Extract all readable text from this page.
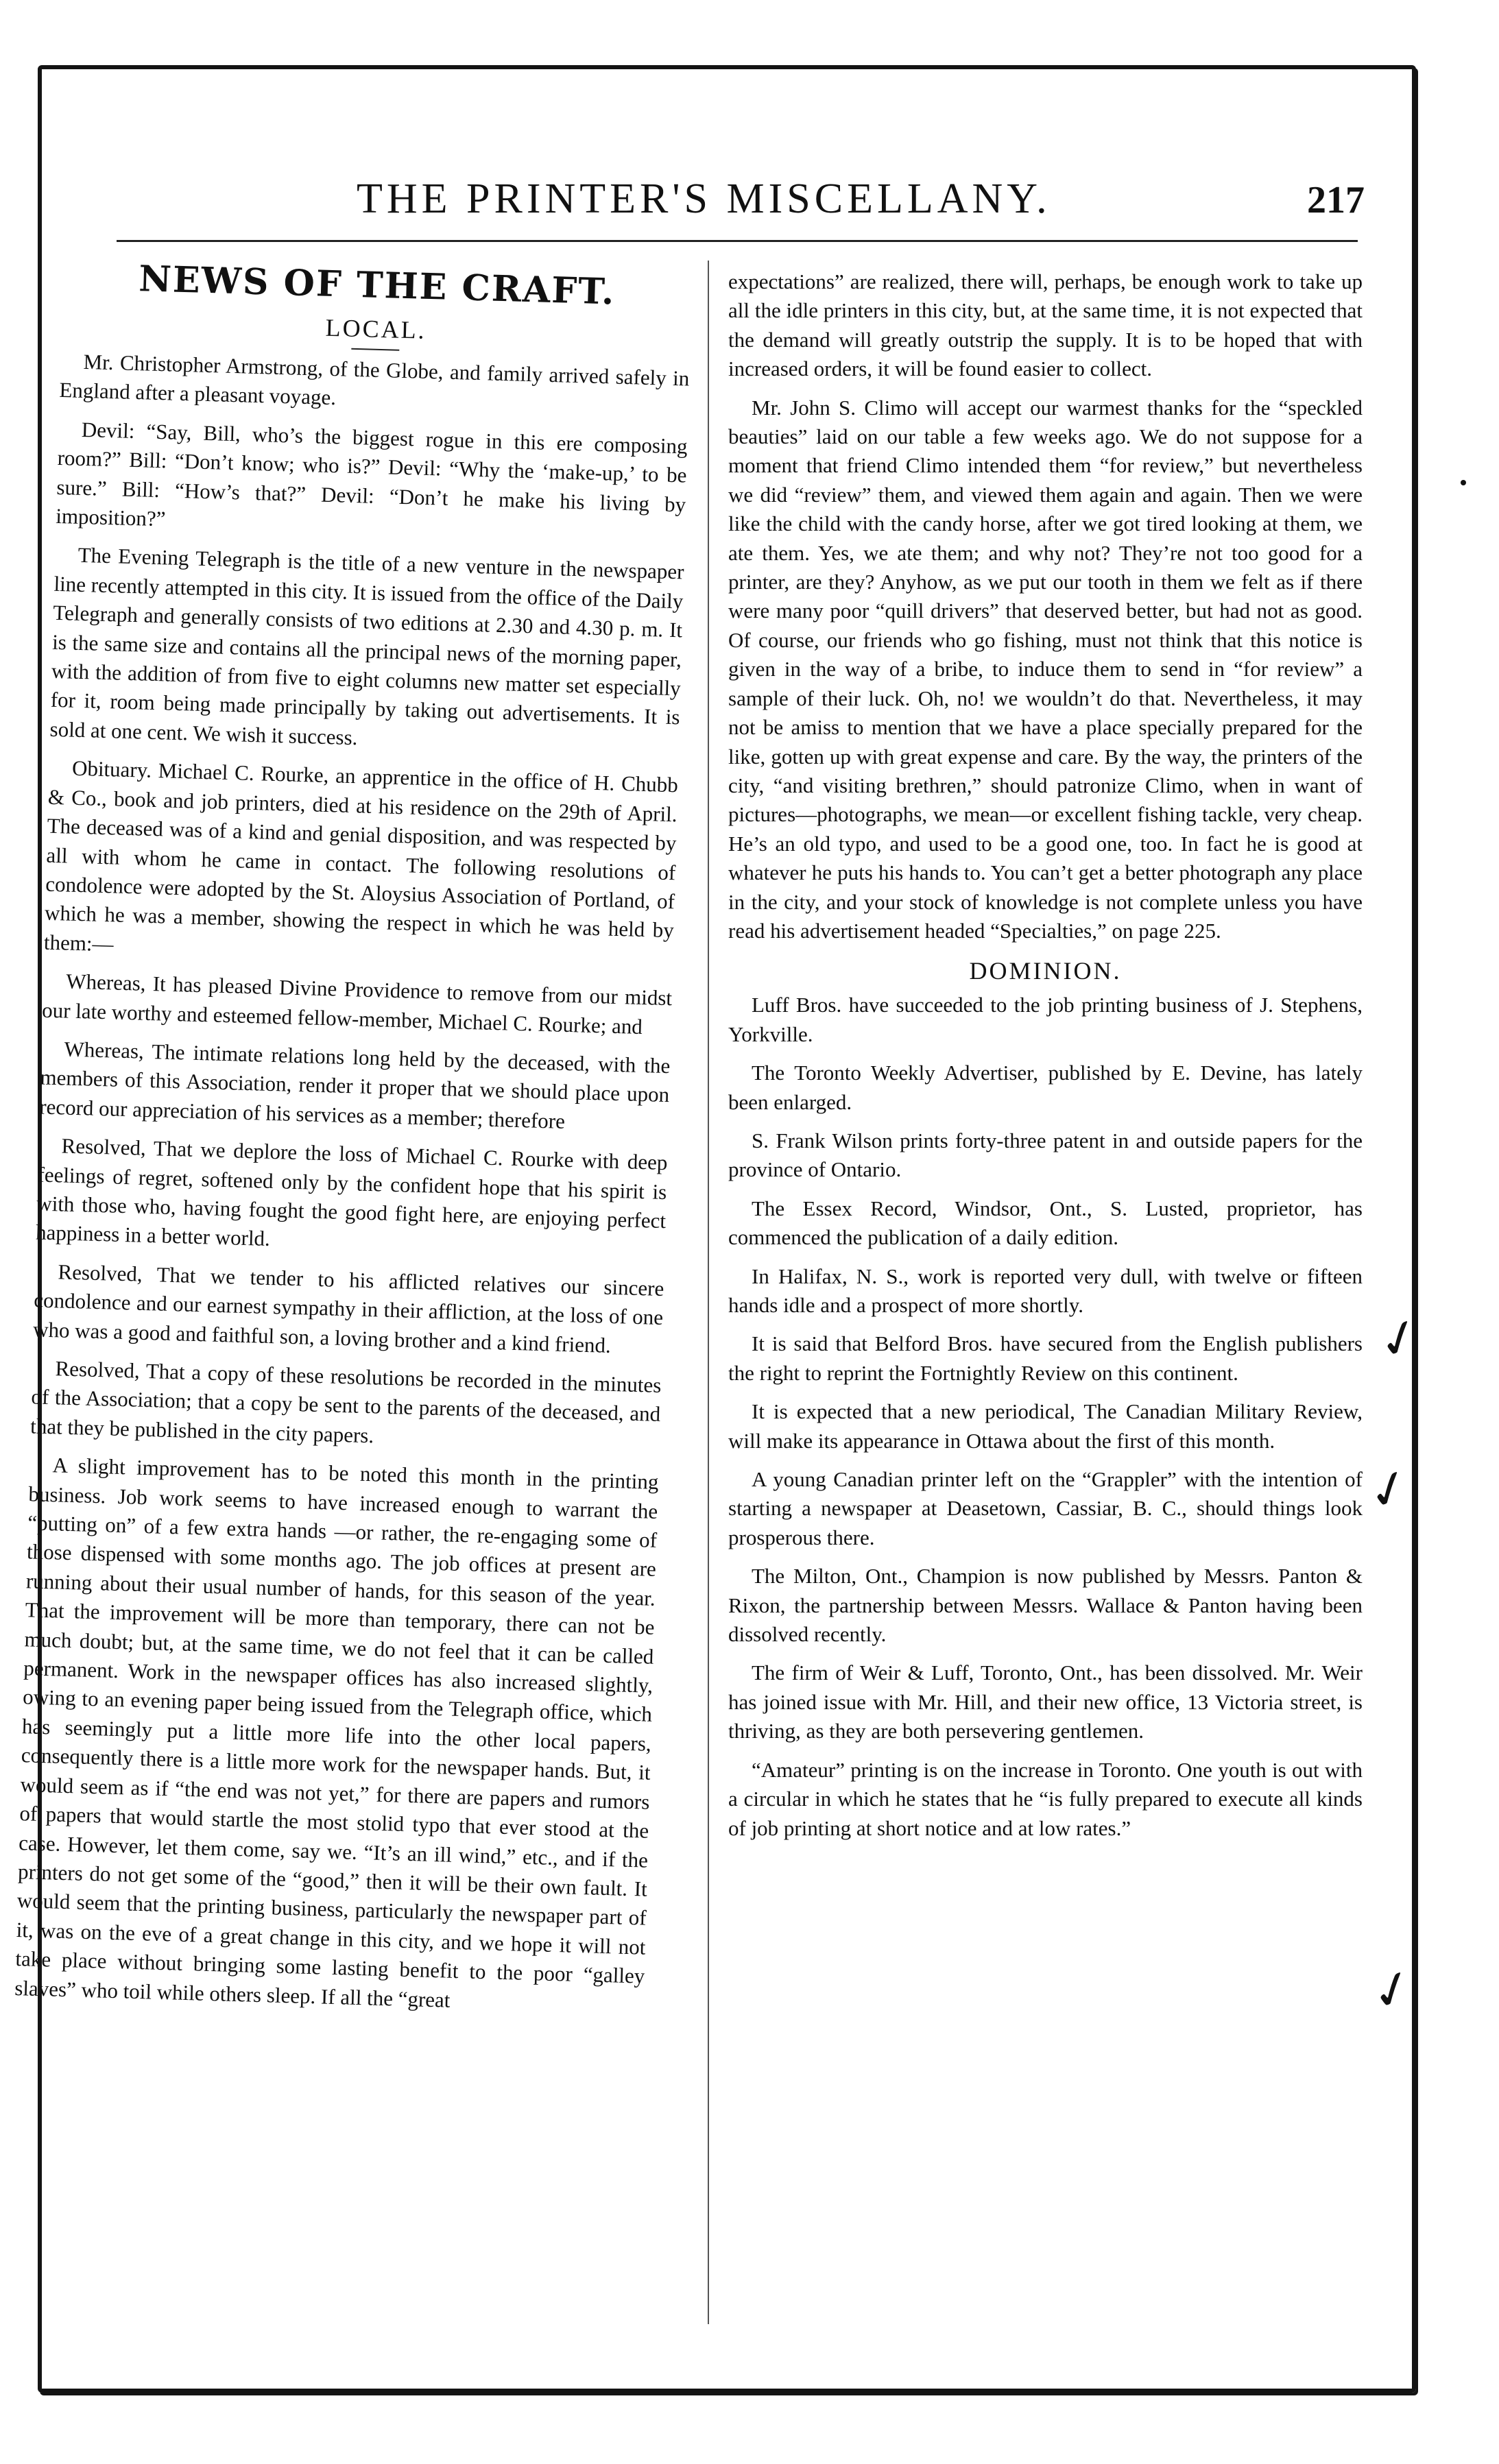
THE PRINTER'S MISCELLANY.	217
NEWS OF THE CRAFT.
LOCAL.

Mr. Christopher Armstrong, of the Globe, and family arrived safely in England after a pleasant voyage.

Devil: “Say, Bill, who’s the biggest rogue in this ere composing room?” Bill: “Don’t know; who is?” Devil: “Why the ‘make-up,’ to be sure.” Bill: “How’s that?” Devil: “Don’t he make his living by imposition?”

The Evening Telegraph is the title of a new venture in the newspaper line recently attempted in this city. It is issued from the office of the Daily Telegraph and generally consists of two editions at 2.30 and 4.30 p. m. It is the same size and contains all the principal news of the morning paper, with the addition of from five to eight columns new matter set especially for it, room being made principally by taking out advertisements. It is sold at one cent. We wish it success.

Obituary. Michael C. Rourke, an apprentice in the office of H. Chubb & Co., book and job printers, died at his residence on the 29th of April. The deceased was of a kind and genial disposition, and was respected by all with whom he came in contact. The following resolutions of condolence were adopted by the St. Aloysius Association of Portland, of which he was a member, showing the respect in which he was held by them:—

Whereas, It has pleased Divine Providence to remove from our midst our late worthy and esteemed fellow-member, Michael C. Rourke; and

Whereas, The intimate relations long held by the deceased, with the members of this Association, render it proper that we should place upon record our appreciation of his services as a member; therefore

Resolved, That we deplore the loss of Michael C. Rourke with deep feelings of regret, softened only by the confident hope that his spirit is with those who, having fought the good fight here, are enjoying perfect happiness in a better world.

Resolved, That we tender to his afflicted relatives our sincere condolence and our earnest sympathy in their affliction, at the loss of one who was a good and faithful son, a loving brother and a kind friend.

Resolved, That a copy of these resolutions be recorded in the minutes of the Association; that a copy be sent to the parents of the deceased, and that they be published in the city papers.

A slight improvement has to be noted this month in the printing business. Job work seems to have increased enough to warrant the “putting on” of a few extra hands —or rather, the re-engaging some of those dispensed with some months ago. The job offices at present are running about their usual number of hands, for this season of the year. That the improvement will be more than temporary, there can not be much doubt; but, at the same time, we do not feel that it can be called permanent. Work in the newspaper offices has also increased slightly, owing to an evening paper being issued from the Telegraph office, which has seemingly put a little more life into the other local papers, consequently there is a little more work for the newspaper hands. But, it would seem as if “the end was not yet,” for there are papers and rumors of papers that would startle the most stolid typo that ever stood at the case. However, let them come, say we. “It’s an ill wind,” etc., and if the printers do not get some of the “good,” then it will be their own fault. It would seem that the printing business, particularly the newspaper part of it, was on the eve of a great change in this city, and we hope it will not take place without bringing some lasting benefit to the poor “galley slaves” who toil while others sleep. If all the “great

expectations” are realized, there will, perhaps, be enough work to take up all the idle printers in this city, but, at the same time, it is not expected that the demand will greatly outstrip the supply. It is to be hoped that with increased orders, it will be found easier to collect.

Mr. John S. Climo will accept our warmest thanks for the “speckled beauties” laid on our table a few weeks ago. We do not suppose for a moment that friend Climo intended them “for review,” but nevertheless we did “review” them, and viewed them again and again. Then we were like the child with the candy horse, after we got tired looking at them, we ate them. Yes, we ate them; and why not? They’re not too good for a printer, are they? Anyhow, as we put our tooth in them we felt as if there were many poor “quill drivers” that deserved better, but had not as good. Of course, our friends who go fishing, must not think that this notice is given in the way of a bribe, to induce them to send in “for review” a sample of their luck. Oh, no! we wouldn’t do that. Nevertheless, it may not be amiss to mention that we have a place specially prepared for the like, gotten up with great expense and care. By the way, the printers of the city, “and visiting brethren,” should patronize Climo, when in want of pictures—photographs, we mean—or excellent fishing tackle, very cheap. He’s an old typo, and used to be a good one, too. In fact he is good at whatever he puts his hands to. You can’t get a better photograph any place in the city, and your stock of knowledge is not complete unless you have read his advertisement headed “Specialties,” on page 225.

DOMINION.

Luff Bros. have succeeded to the job printing business of J. Stephens, Yorkville.

The Toronto Weekly Advertiser, published by E. Devine, has lately been enlarged.

S. Frank Wilson prints forty-three patent in and outside papers for the province of Ontario.

The Essex Record, Windsor, Ont., S. Lusted, proprietor, has commenced the publication of a daily edition.

In Halifax, N. S., work is reported very dull, with twelve or fifteen hands idle and a prospect of more shortly.

It is said that Belford Bros. have secured from the English publishers the right to reprint the Fortnightly Review on this continent.

It is expected that a new periodical, The Canadian Military Review, will make its appearance in Ottawa about the first of this month.

A young Canadian printer left on the “Grappler” with the intention of starting a newspaper at Deasetown, Cassiar, B. C., should things look prosperous there.

The Milton, Ont., Champion is now published by Messrs. Panton & Rixon, the partnership between Messrs. Wallace & Panton having been dissolved recently.

The firm of Weir & Luff, Toronto, Ont., has been dissolved. Mr. Weir has joined issue with Mr. Hill, and their new office, 13 Victoria street, is thriving, as they are both persevering gentlemen.

“Amateur” printing is on the increase in Toronto. One youth is out with a circular in which he states that he “is fully prepared to execute all kinds of job printing at short notice and at low rates.”

✓
✓
✓
